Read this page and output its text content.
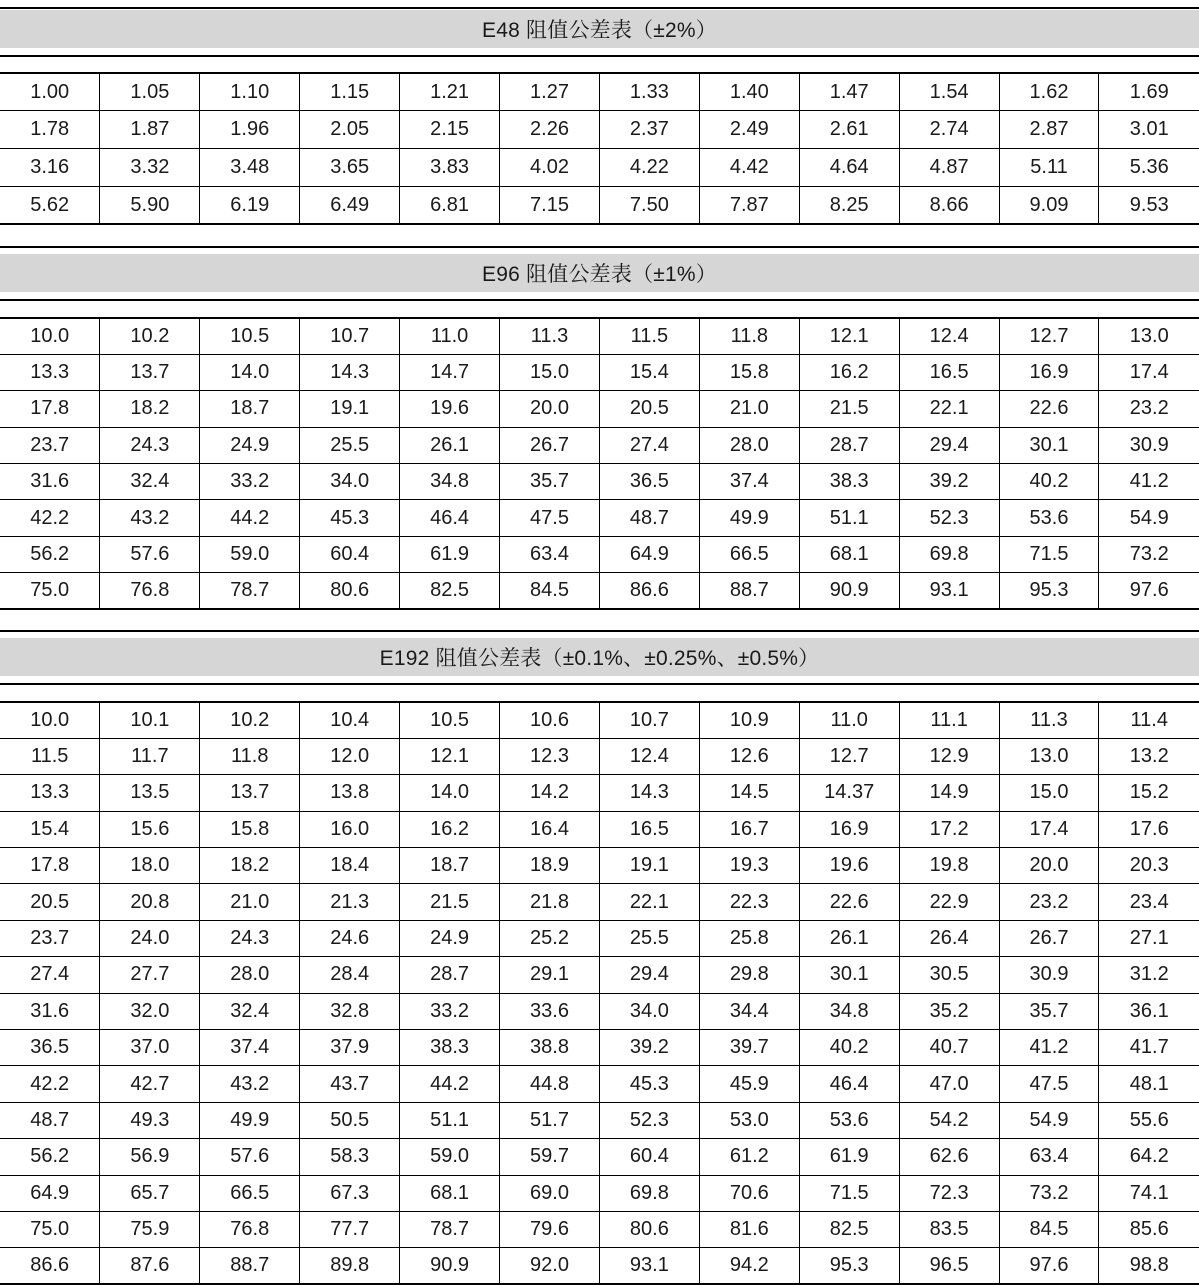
E48 阻值公差表（±2%）
1.00	1.05	1.10	1.15	1.21	1.27	1.33	1.40	1.47	1.54	1.62	1.69
1.78	1.87	1.96	2.05	2.15	2.26	2.37	2.49	2.61	2.74	2.87	3.01
3.16	3.32	3.48	3.65	3.83	4.02	4.22	4.42	4.64	4.87	5.11	5.36
5.62	5.90	6.19	6.49	6.81	7.15	7.50	7.87	8.25	8.66	9.09	9.53
E96 阻值公差表（±1%）
10.0	10.2	10.5	10.7	11.0	11.3	11.5	11.8	12.1	12.4	12.7	13.0
13.3	13.7	14.0	14.3	14.7	15.0	15.4	15.8	16.2	16.5	16.9	17.4
17.8	18.2	18.7	19.1	19.6	20.0	20.5	21.0	21.5	22.1	22.6	23.2
23.7	24.3	24.9	25.5	26.1	26.7	27.4	28.0	28.7	29.4	30.1	30.9
31.6	32.4	33.2	34.0	34.8	35.7	36.5	37.4	38.3	39.2	40.2	41.2
42.2	43.2	44.2	45.3	46.4	47.5	48.7	49.9	51.1	52.3	53.6	54.9
56.2	57.6	59.0	60.4	61.9	63.4	64.9	66.5	68.1	69.8	71.5	73.2
75.0	76.8	78.7	80.6	82.5	84.5	86.6	88.7	90.9	93.1	95.3	97.6
E192 阻值公差表（±0.1%、±0.25%、±0.5%）
10.0	10.1	10.2	10.4	10.5	10.6	10.7	10.9	11.0	11.1	11.3	11.4
11.5	11.7	11.8	12.0	12.1	12.3	12.4	12.6	12.7	12.9	13.0	13.2
13.3	13.5	13.7	13.8	14.0	14.2	14.3	14.5	14.37	14.9	15.0	15.2
15.4	15.6	15.8	16.0	16.2	16.4	16.5	16.7	16.9	17.2	17.4	17.6
17.8	18.0	18.2	18.4	18.7	18.9	19.1	19.3	19.6	19.8	20.0	20.3
20.5	20.8	21.0	21.3	21.5	21.8	22.1	22.3	22.6	22.9	23.2	23.4
23.7	24.0	24.3	24.6	24.9	25.2	25.5	25.8	26.1	26.4	26.7	27.1
27.4	27.7	28.0	28.4	28.7	29.1	29.4	29.8	30.1	30.5	30.9	31.2
31.6	32.0	32.4	32.8	33.2	33.6	34.0	34.4	34.8	35.2	35.7	36.1
36.5	37.0	37.4	37.9	38.3	38.8	39.2	39.7	40.2	40.7	41.2	41.7
42.2	42.7	43.2	43.7	44.2	44.8	45.3	45.9	46.4	47.0	47.5	48.1
48.7	49.3	49.9	50.5	51.1	51.7	52.3	53.0	53.6	54.2	54.9	55.6
56.2	56.9	57.6	58.3	59.0	59.7	60.4	61.2	61.9	62.6	63.4	64.2
64.9	65.7	66.5	67.3	68.1	69.0	69.8	70.6	71.5	72.3	73.2	74.1
75.0	75.9	76.8	77.7	78.7	79.6	80.6	81.6	82.5	83.5	84.5	85.6
86.6	87.6	88.7	89.8	90.9	92.0	93.1	94.2	95.3	96.5	97.6	98.8
